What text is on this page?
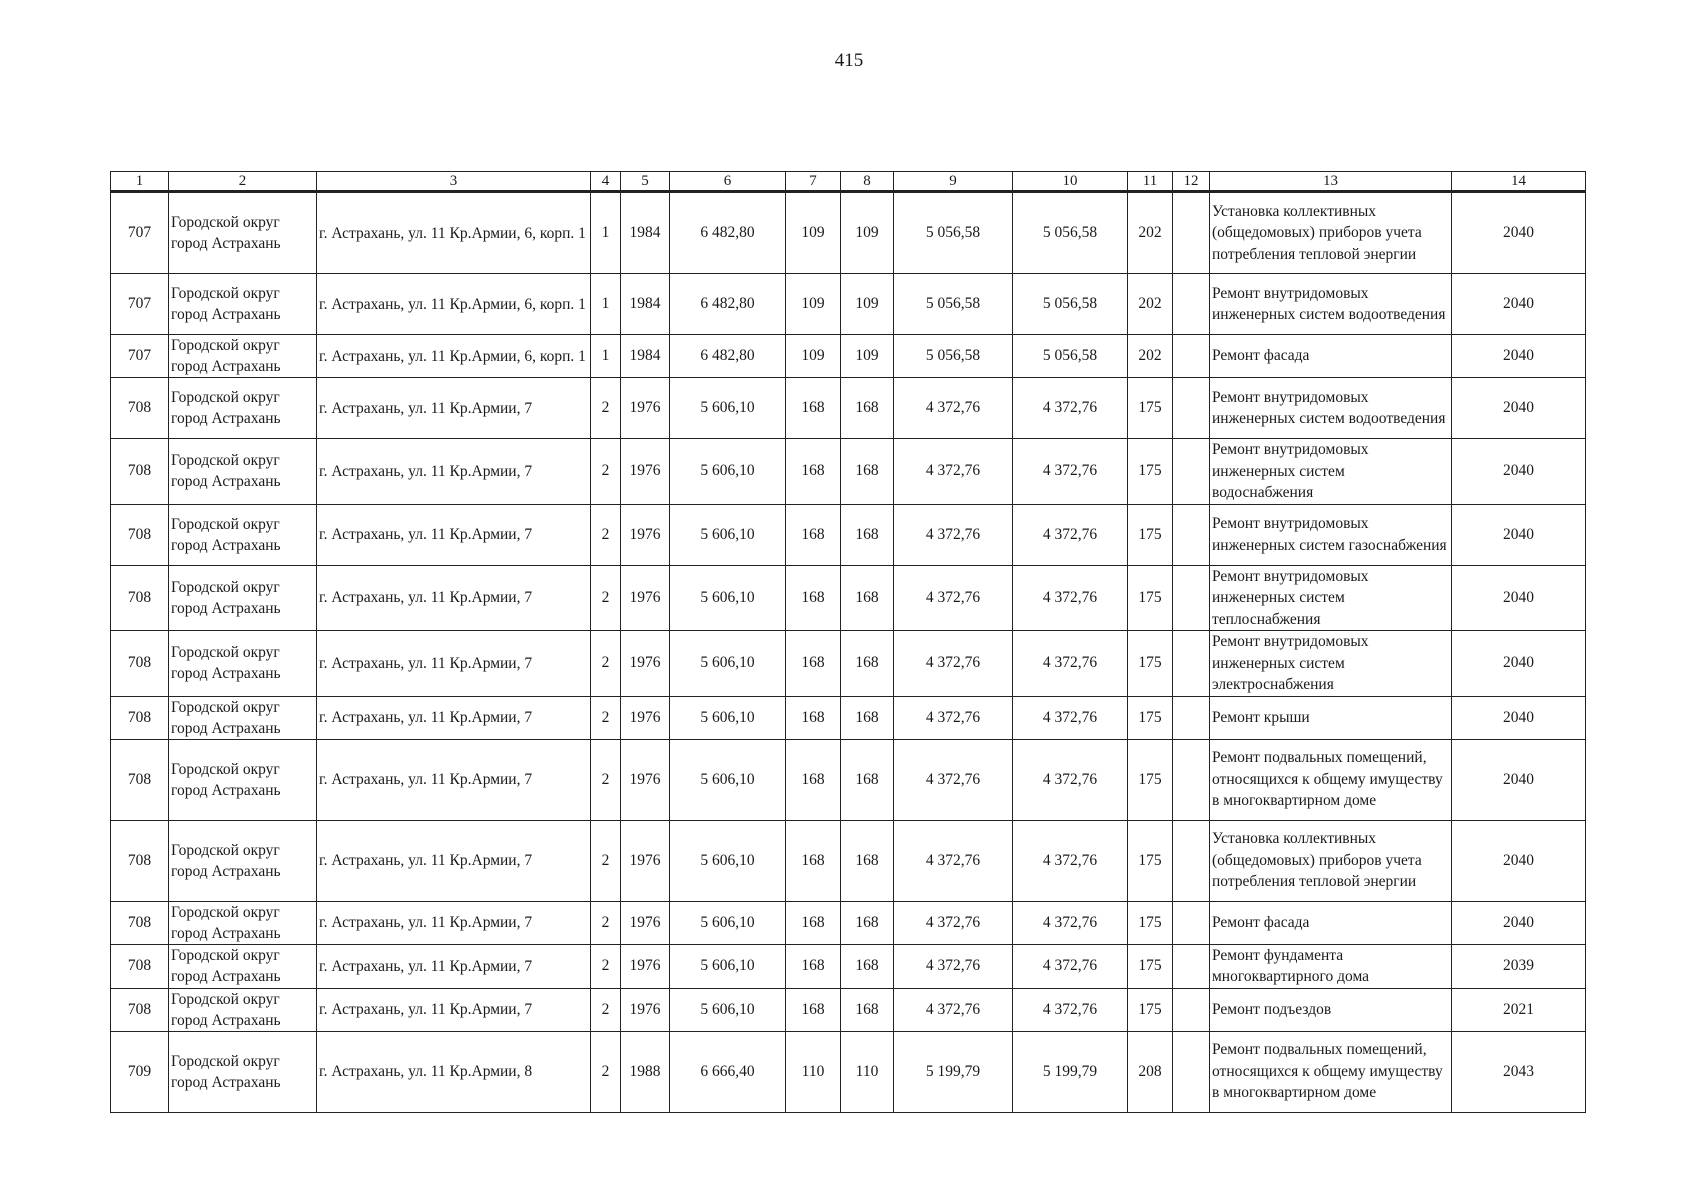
415
1	2	3	4	5	6	7	8	9	10	11	12	13	14
707	Городской округ город Астрахань	г. Астрахань, ул. 11 Кр.Армии, 6, корп. 1	1	1984	6 482,80	109	109	5 056,58	5 056,58	202		Установка коллективных (общедомовых) приборов учета потребления тепловой энергии	2040
707	Городской округ город Астрахань	г. Астрахань, ул. 11 Кр.Армии, 6, корп. 1	1	1984	6 482,80	109	109	5 056,58	5 056,58	202		Ремонт внутридомовых инженерных систем водоотведения	2040
707	Городской округ город Астрахань	г. Астрахань, ул. 11 Кр.Армии, 6, корп. 1	1	1984	6 482,80	109	109	5 056,58	5 056,58	202		Ремонт фасада	2040
708	Городской округ город Астрахань	г. Астрахань, ул. 11 Кр.Армии, 7	2	1976	5 606,10	168	168	4 372,76	4 372,76	175		Ремонт внутридомовых инженерных систем водоотведения	2040
708	Городской округ город Астрахань	г. Астрахань, ул. 11 Кр.Армии, 7	2	1976	5 606,10	168	168	4 372,76	4 372,76	175		Ремонт внутридомовых инженерных систем водоснабжения	2040
708	Городской округ город Астрахань	г. Астрахань, ул. 11 Кр.Армии, 7	2	1976	5 606,10	168	168	4 372,76	4 372,76	175		Ремонт внутридомовых инженерных систем газоснабжения	2040
708	Городской округ город Астрахань	г. Астрахань, ул. 11 Кр.Армии, 7	2	1976	5 606,10	168	168	4 372,76	4 372,76	175		Ремонт внутридомовых инженерных систем теплоснабжения	2040
708	Городской округ город Астрахань	г. Астрахань, ул. 11 Кр.Армии, 7	2	1976	5 606,10	168	168	4 372,76	4 372,76	175		Ремонт внутридомовых инженерных систем электроснабжения	2040
708	Городской округ город Астрахань	г. Астрахань, ул. 11 Кр.Армии, 7	2	1976	5 606,10	168	168	4 372,76	4 372,76	175		Ремонт крыши	2040
708	Городской округ город Астрахань	г. Астрахань, ул. 11 Кр.Армии, 7	2	1976	5 606,10	168	168	4 372,76	4 372,76	175		Ремонт подвальных помещений, относящихся к общему имуществу в многоквартирном доме	2040
708	Городской округ город Астрахань	г. Астрахань, ул. 11 Кр.Армии, 7	2	1976	5 606,10	168	168	4 372,76	4 372,76	175		Установка коллективных (общедомовых) приборов учета потребления тепловой энергии	2040
708	Городской округ город Астрахань	г. Астрахань, ул. 11 Кр.Армии, 7	2	1976	5 606,10	168	168	4 372,76	4 372,76	175		Ремонт фасада	2040
708	Городской округ город Астрахань	г. Астрахань, ул. 11 Кр.Армии, 7	2	1976	5 606,10	168	168	4 372,76	4 372,76	175		Ремонт фундамента многоквартирного дома	2039
708	Городской округ город Астрахань	г. Астрахань, ул. 11 Кр.Армии, 7	2	1976	5 606,10	168	168	4 372,76	4 372,76	175		Ремонт подъездов	2021
709	Городской округ город Астрахань	г. Астрахань, ул. 11 Кр.Армии, 8	2	1988	6 666,40	110	110	5 199,79	5 199,79	208		Ремонт подвальных помещений, относящихся к общему имуществу в многоквартирном доме	2043
